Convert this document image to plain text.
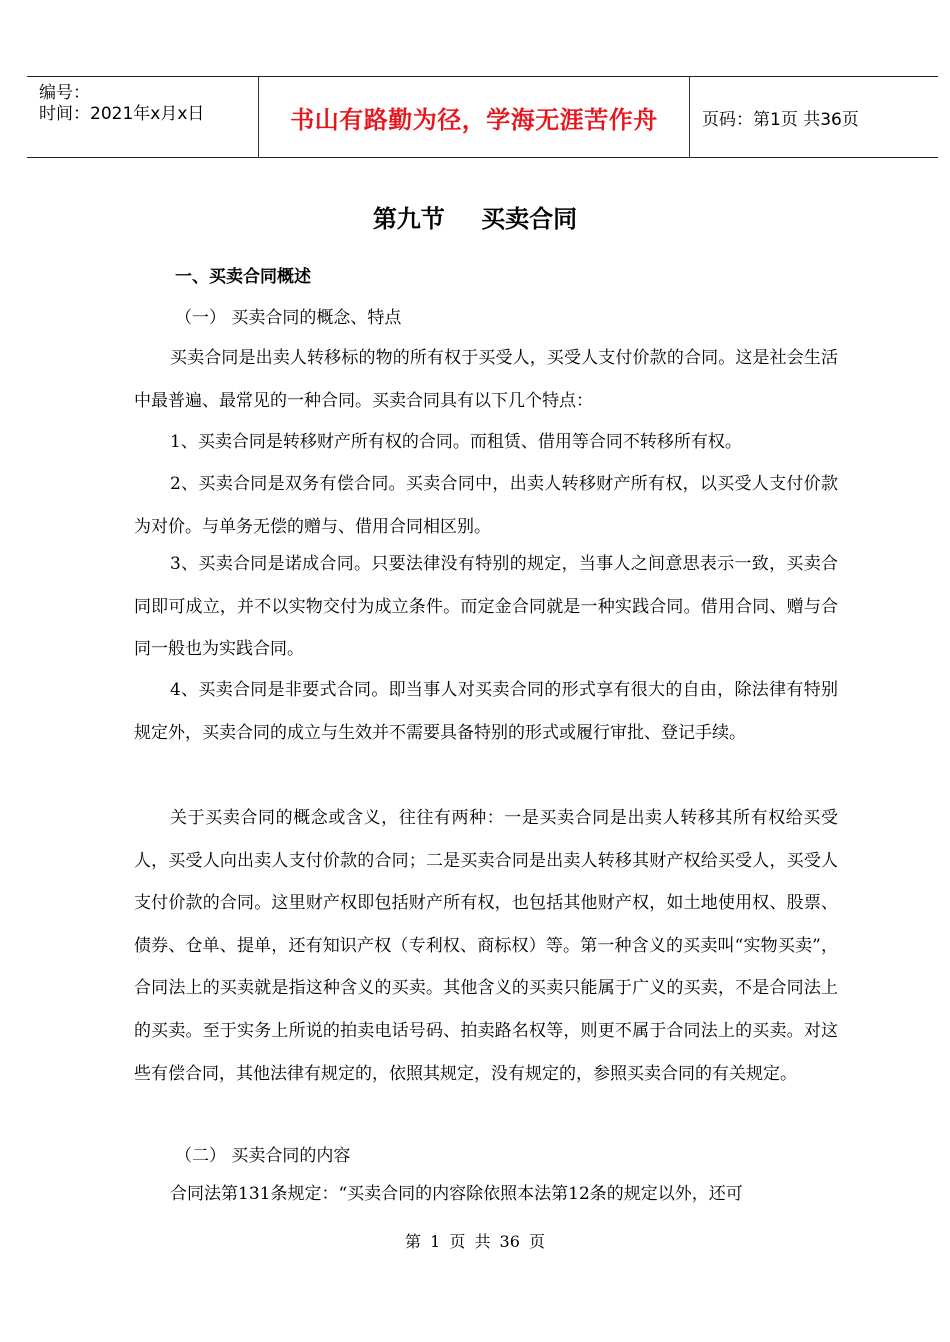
编号：
时间：2021年x月x日	书山有路勤为径，学海无涯苦作舟	页码：第1页 共36页
第九节 买卖合同
一、买卖合同概述
（一） 买卖合同的概念、特点

买卖合同是出卖人转移标的物的所有权于买受人，买受人支付价款的合同。这是社会生活中最普遍、最常见的一种合同。买卖合同具有以下几个特点：

1、买卖合同是转移财产所有权的合同。而租赁、借用等合同不转移所有权。

2、买卖合同是双务有偿合同。买卖合同中，出卖人转移财产所有权，以买受人支付价款为对价。与单务无偿的赠与、借用合同相区别。

3、买卖合同是诺成合同。只要法律没有特别的规定，当事人之间意思表示一致，买卖合同即可成立，并不以实物交付为成立条件。而定金合同就是一种实践合同。借用合同、赠与合同一般也为实践合同。

4、买卖合同是非要式合同。即当事人对买卖合同的形式享有很大的自由，除法律有特别规定外，买卖合同的成立与生效并不需要具备特别的形式或履行审批、登记手续。

关于买卖合同的概念或含义，往往有两种：一是买卖合同是出卖人转移其所有权给买受人，买受人向出卖人支付价款的合同；二是买卖合同是出卖人转移其财产权给买受人，买受人支付价款的合同。这里财产权即包括财产所有权，也包括其他财产权，如土地使用权、股票、债券、仓单、提单，还有知识产权（专利权、商标权）等。第一种含义的买卖叫“实物买卖”，合同法上的买卖就是指这种含义的买卖。其他含义的买卖只能属于广义的买卖，不是合同法上的买卖。至于实务上所说的拍卖电话号码、拍卖路名权等，则更不属于合同法上的买卖。对这些有偿合同，其他法律有规定的，依照其规定，没有规定的，参照买卖合同的有关规定。

（二） 买卖合同的内容

合同法第131条规定：“买卖合同的内容除依照本法第12条的规定以外，还可

第 1 页 共 36 页
